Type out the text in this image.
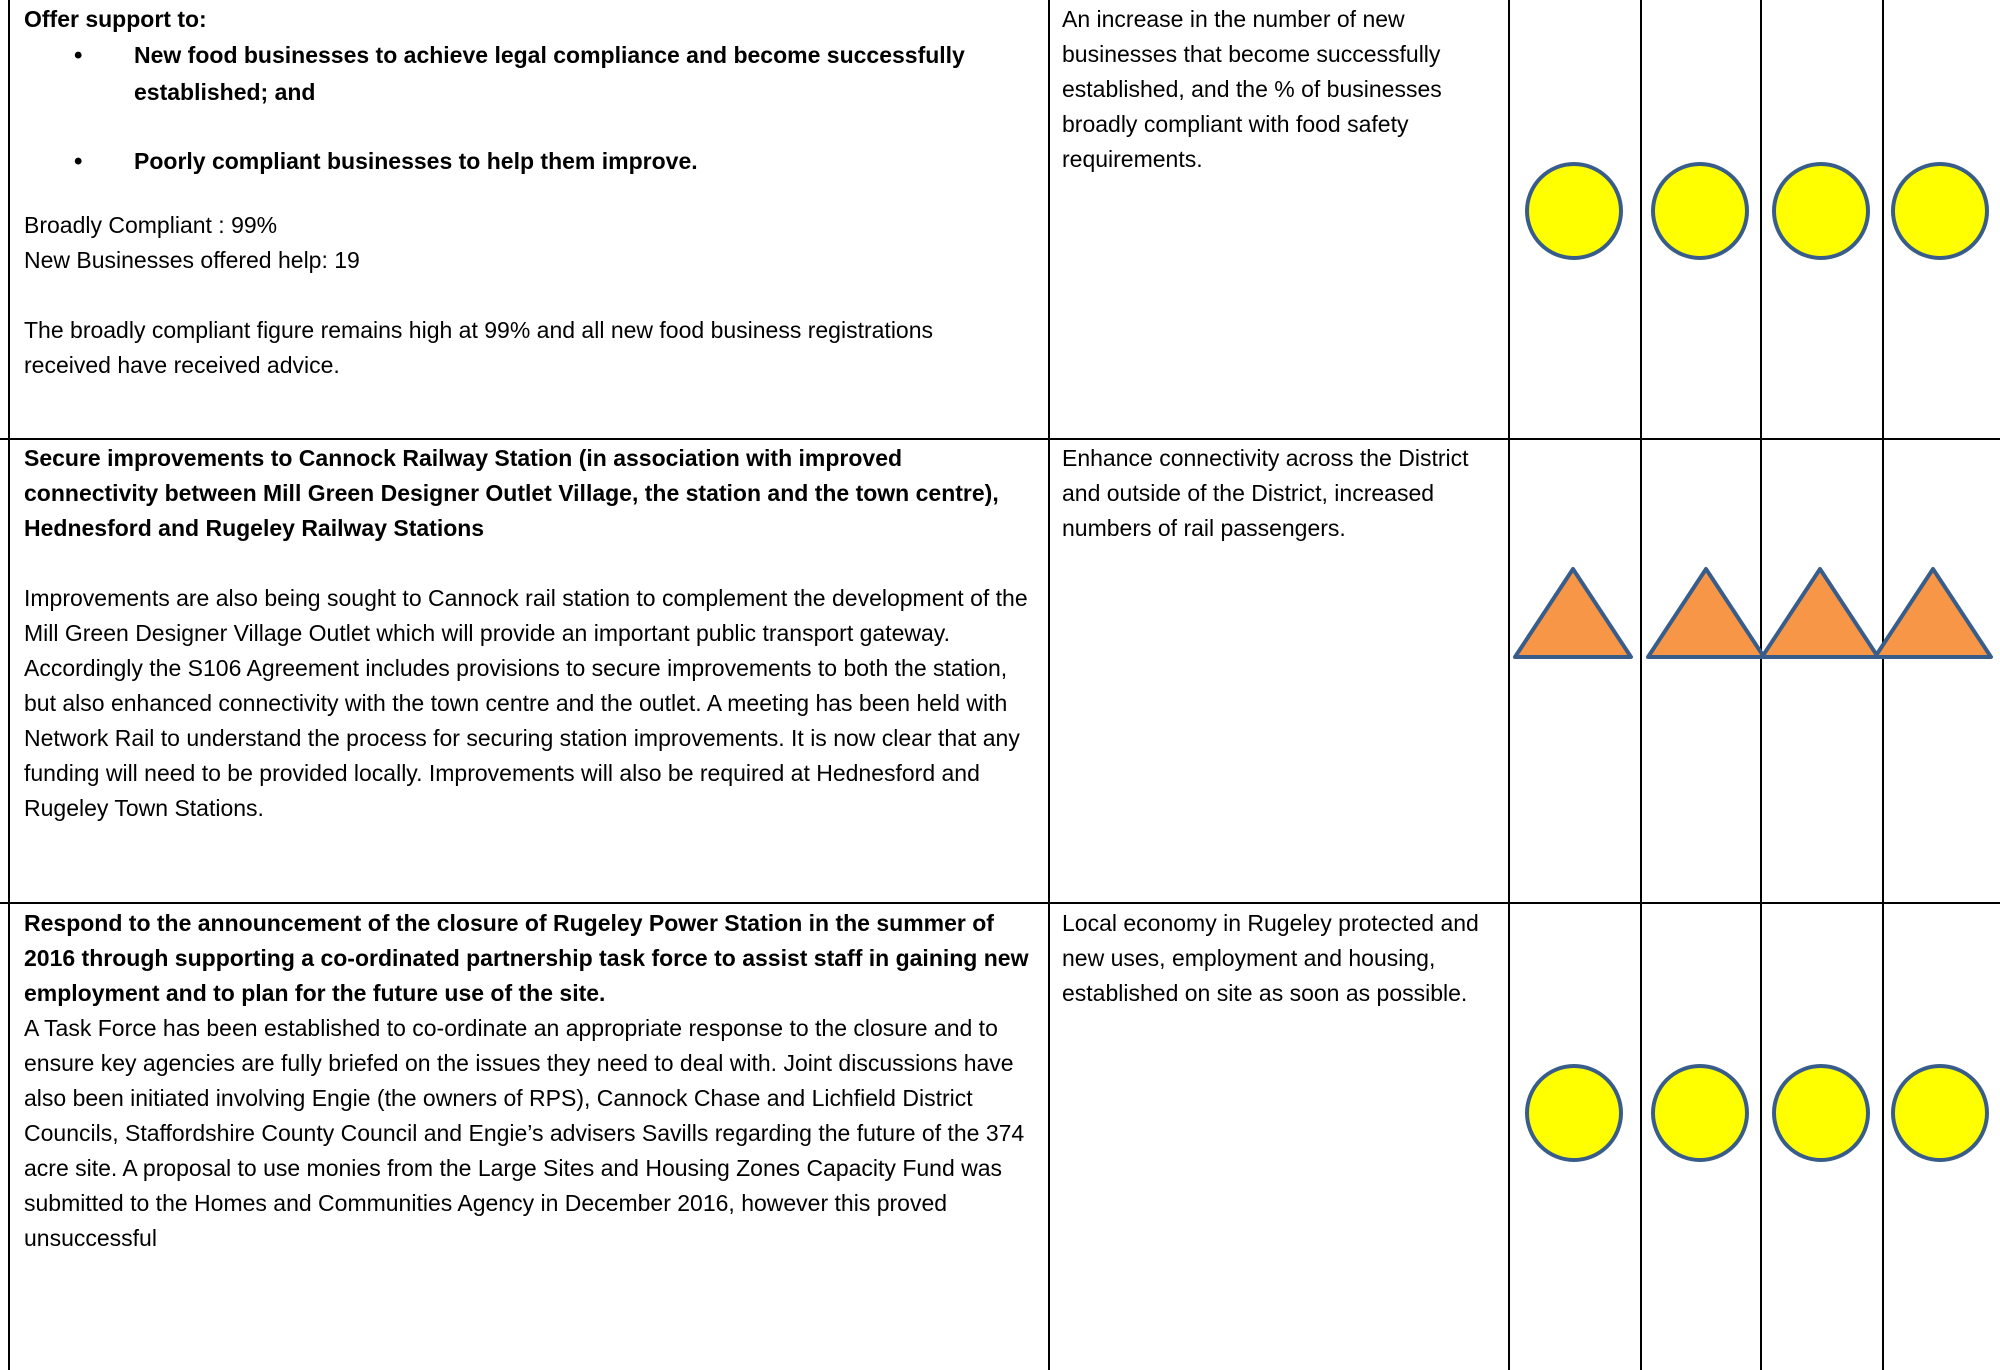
Offer support to:

• New food businesses to achieve legal compliance and become successfully established; and
• Poorly compliant businesses to help them improve.

Broadly Compliant : 99%

New Businesses offered help: 19

The broadly compliant figure remains high at 99% and all new food business registrations received have received advice.

An increase in the number of new businesses that become successfully established, and the % of businesses broadly compliant with food safety requirements.

Secure improvements to Cannock Railway Station (in association with improved connectivity between Mill Green Designer Outlet Village, the station and the town centre), Hednesford and Rugeley Railway Stations

Improvements are also being sought to Cannock rail station to complement the development of the Mill Green Designer Village Outlet which will provide an important public transport gateway. Accordingly the S106 Agreement includes provisions to secure improvements to both the station, but also enhanced connectivity with the town centre and the outlet. A meeting has been held with Network Rail to understand the process for securing station improvements. It is now clear that any funding will need to be provided locally. Improvements will also be required at Hednesford and Rugeley Town Stations.

Enhance connectivity across the District and outside of the District, increased numbers of rail passengers.

Respond to the announcement of the closure of Rugeley Power Station in the summer of 2016 through supporting a co-ordinated partnership task force to assist staff in gaining new employment and to plan for the future use of the site.

A Task Force has been established to co-ordinate an appropriate response to the closure and to ensure key agencies are fully briefed on the issues they need to deal with. Joint discussions have also been initiated involving Engie (the owners of RPS), Cannock Chase and Lichfield District Councils, Staffordshire County Council and Engie’s advisers Savills regarding the future of the 374 acre site. A proposal to use monies from the Large Sites and Housing Zones Capacity Fund was submitted to the Homes and Communities Agency in December 2016, however this proved unsuccessful

Local economy in Rugeley protected and new uses, employment and housing, established on site as soon as possible.
